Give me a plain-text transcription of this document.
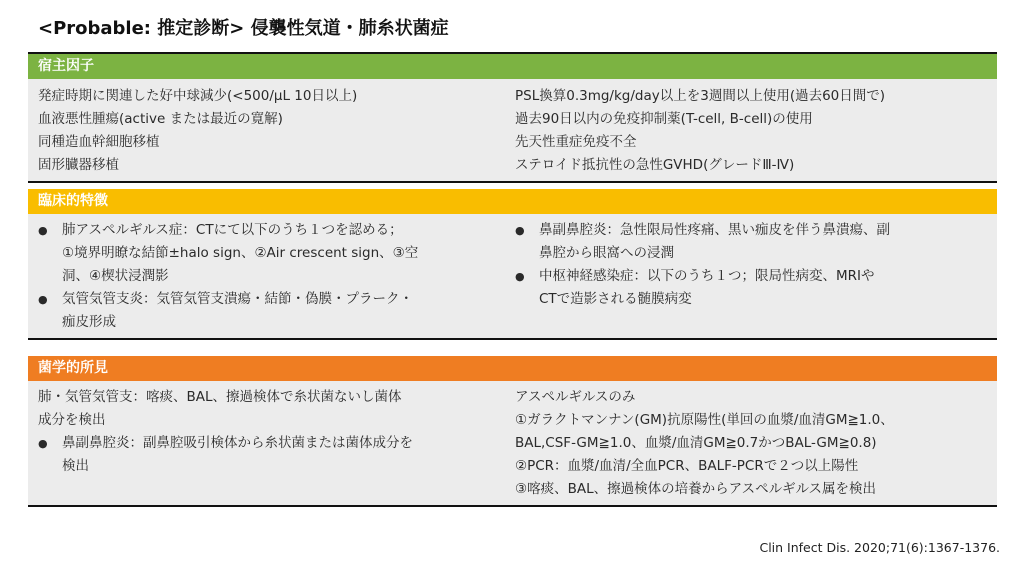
<Probable: 推定診断> 侵襲性気道・肺糸状菌症
宿主因子
発症時期に関連した好中球減少(<500/μL 10日以上)
血液悪性腫瘍(active または最近の寛解)
同種造血幹細胞移植
固形臓器移植
PSL換算0.3mg/kg/day以上を3週間以上使用(過去60日間で)
過去90日以内の免疫抑制薬(T-cell, B-cell)の使用
先天性重症免疫不全
ステロイド抵抗性の急性GVHD(グレードⅢ-Ⅳ)
臨床的特徴
●	肺アスペルギルス症：CTにて以下のうち１つを認める；
①境界明瞭な結節±halo sign、②Air crescent sign、③空
洞、④楔状浸潤影
●	気管気管支炎：気管気管支潰瘍・結節・偽膜・プラーク・
痂皮形成
●	鼻副鼻腔炎：急性限局性疼痛、黒い痂皮を伴う鼻潰瘍、副
鼻腔から眼窩への浸潤
●	中枢神経感染症：以下のうち１つ；限局性病変、MRIや
CTで造影される髄膜病変
菌学的所見
肺・気管気管支：喀痰、BAL、擦過検体で糸状菌ないし菌体
成分を検出
●	鼻副鼻腔炎：副鼻腔吸引検体から糸状菌または菌体成分を
検出
アスペルギルスのみ
①ガラクトマンナン(GM)抗原陽性(単回の血漿/血清GM≧1.0、
BAL,CSF-GM≧1.0、血漿/血清GM≧0.7かつBAL-GM≧0.8)
②PCR：血漿/血清/全血PCR、BALF-PCRで２つ以上陽性
③喀痰、BAL、擦過検体の培養からアスペルギルス属を検出
Clin Infect Dis. 2020;71(6):1367-1376.
